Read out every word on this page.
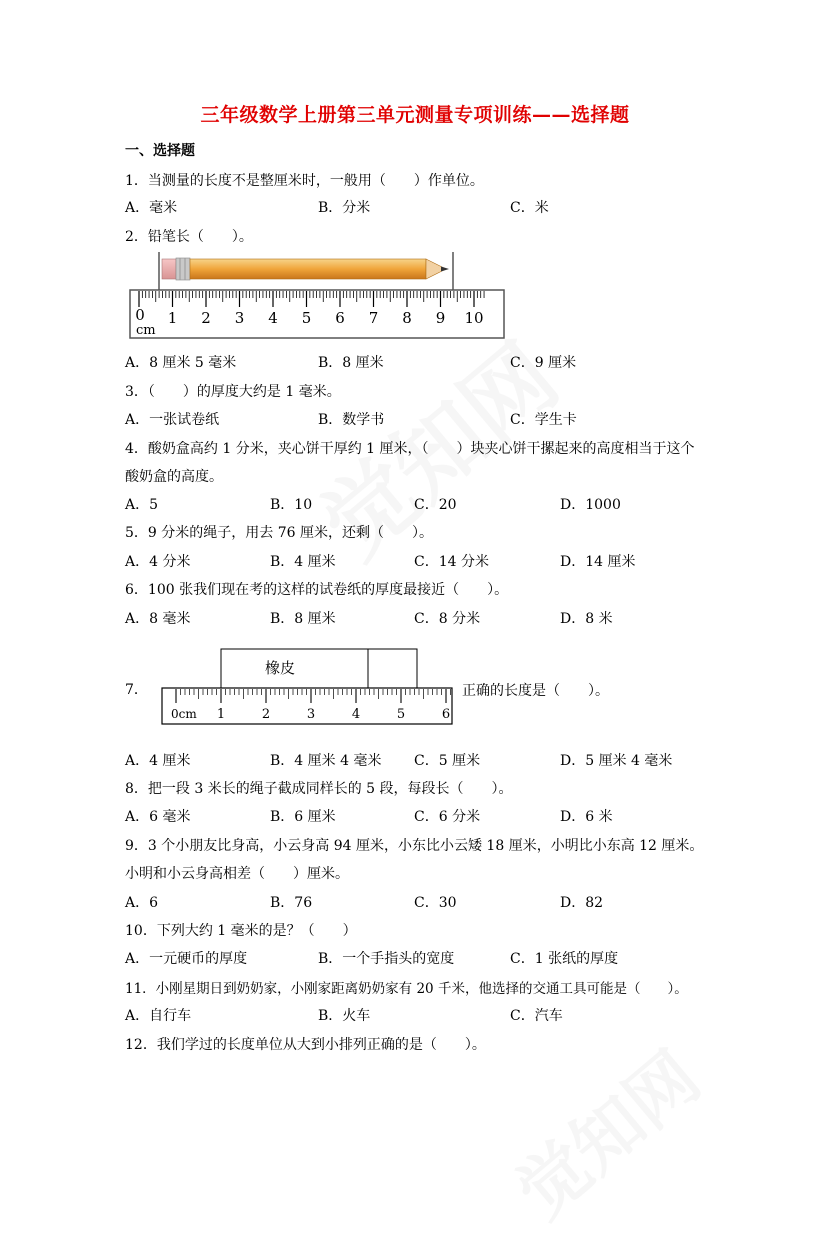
三年级数学上册第三单元测量专项训练——选择题
一、选择题
1．当测量的长度不是整厘米时，一般用（　　）作单位。
A．毫米	B．分米	C．米
2．铅笔长（　　）。
cm
1 2 3 4 5 6 7 8 9 10
0
A．8 厘米 5 毫米	B．8 厘米	C．9 厘米
3．（　　）的厚度大约是 1 毫米。
A．一张试卷纸	B．数学书	C．学生卡
4．酸奶盒高约 1 分米，夹心饼干厚约 1 厘米，（　　）块夹心饼干摞起来的高度相当于这个
酸奶盒的高度。
A．5	B．10	C．20	D．1000
5．9 分米的绳子，用去 76 厘米，还剩（　　）。
A．4 分米	B．4 厘米	C．14 分米	D．14 厘米
6．100 张我们现在考的这样的试卷纸的厚度最接近（　　）。
A．8 毫米	B．8 厘米	C．8 分米	D．8 米
7．
橡皮
0cm 1	2	3	4	5	6
正确的长度是（　　）。
A．4 厘米	B．4 厘米 4 毫米 C．5 厘米	D．5 厘米 4 毫米
8．把一段 3 米长的绳子截成同样长的 5 段，每段长（　　）。
A．6 毫米	B．6 厘米	C．6 分米	D．6 米
9．3 个小朋友比身高，小云身高 94 厘米，小东比小云矮 18 厘米，小明比小东高 12 厘米。
小明和小云身高相差（　　）厘米。
A．6	B．76	C．30	D．82
10．下列大约 1 毫米的是？（　　）
A．一元硬币的厚度	B．一个手指头的宽度	C．1 张纸的厚度
11．小刚星期日到奶奶家，小刚家距离奶奶家有 20 千米，他选择的交通工具可能是（　　）。
A．自行车	B．火车	C．汽车
12．我们学过的长度单位从大到小排列正确的是（　　）。
